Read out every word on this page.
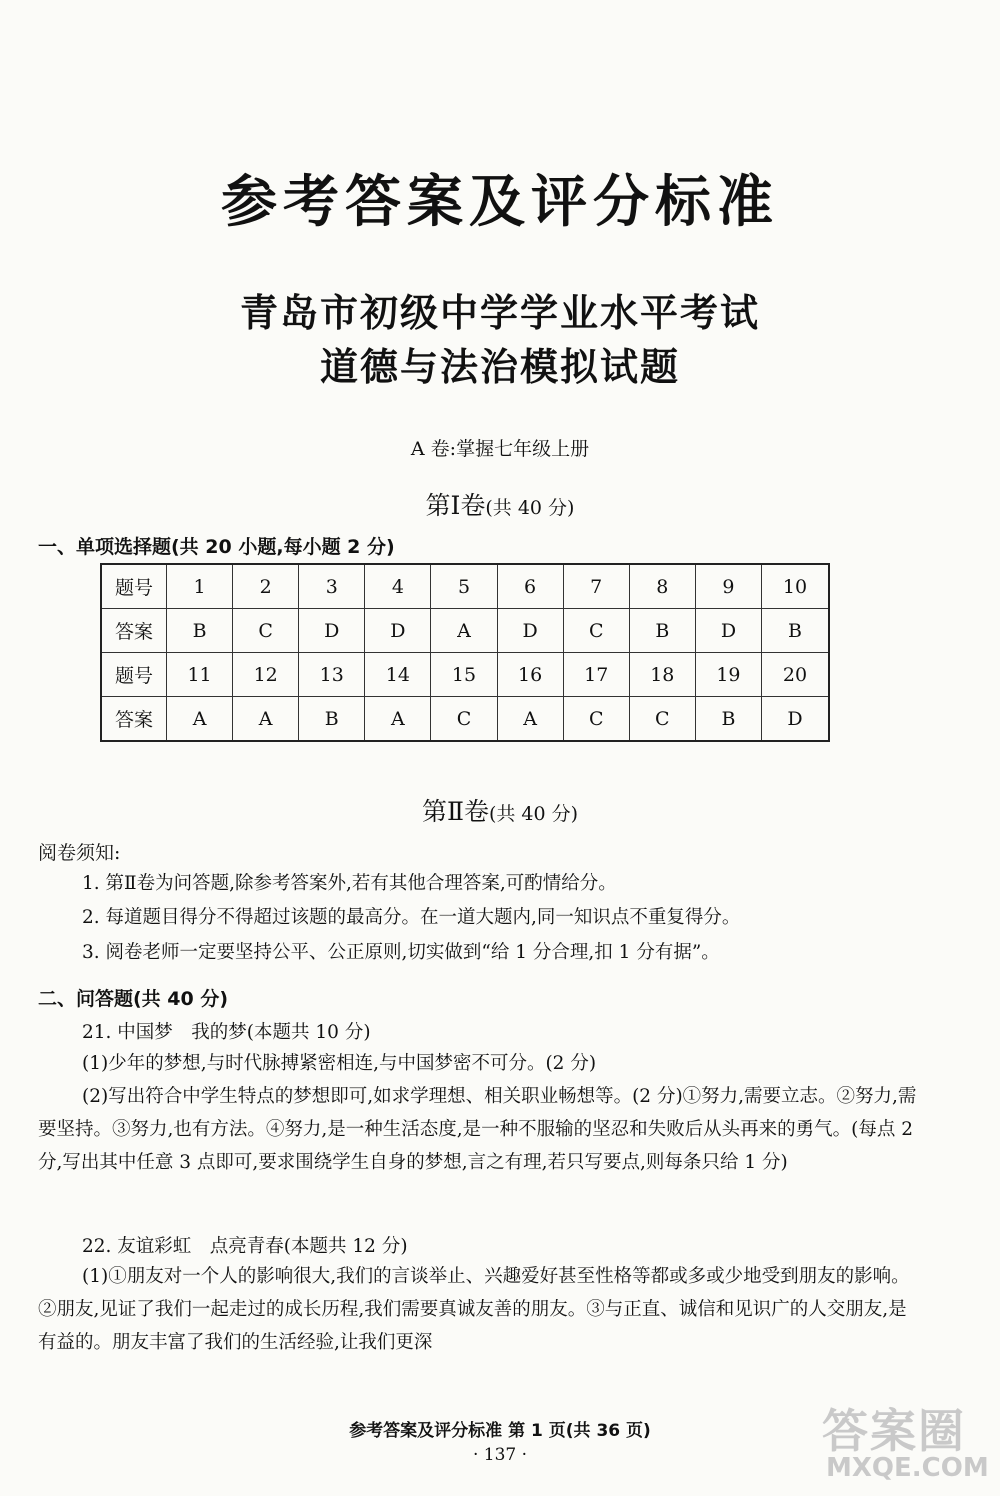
参考答案及评分标准
青岛市初级中学学业水平考试
道德与法治模拟试题
A 卷:掌握七年级上册
第Ⅰ卷(共 40 分)
一、单项选择题(共 20 小题,每小题 2 分)
题号	1	2	3	4	5	6	7	8	9	10
答案	B	C	D	D	A	D	C	B	D	B
题号	11	12	13	14	15	16	17	18	19	20
答案	A	A	B	A	C	A	C	C	B	D
第Ⅱ卷(共 40 分)
阅卷须知:
1. 第Ⅱ卷为问答题,除参考答案外,若有其他合理答案,可酌情给分。
2. 每道题目得分不得超过该题的最高分。在一道大题内,同一知识点不重复得分。
3. 阅卷老师一定要坚持公平、公正原则,切实做到“给 1 分合理,扣 1 分有据”。
二、问答题(共 40 分)
21. 中国梦　我的梦(本题共 10 分)
(1)少年的梦想,与时代脉搏紧密相连,与中国梦密不可分。(2 分)
(2)写出符合中学生特点的梦想即可,如求学理想、相关职业畅想等。(2 分)①努力,需要立志。②努力,需要坚持。③努力,也有方法。④努力,是一种生活态度,是一种不服输的坚忍和失败后从头再来的勇气。(每点 2 分,写出其中任意 3 点即可,要求围绕学生自身的梦想,言之有理,若只写要点,则每条只给 1 分)
22. 友谊彩虹　点亮青春(本题共 12 分)
(1)①朋友对一个人的影响很大,我们的言谈举止、兴趣爱好甚至性格等都或多或少地受到朋友的影响。②朋友,见证了我们一起走过的成长历程,我们需要真诚友善的朋友。③与正直、诚信和见识广的人交朋友,是有益的。朋友丰富了我们的生活经验,让我们更深
参考答案及评分标准 第 1 页(共 36 页)
· 137 ·	答案圈
MXQE.COM
